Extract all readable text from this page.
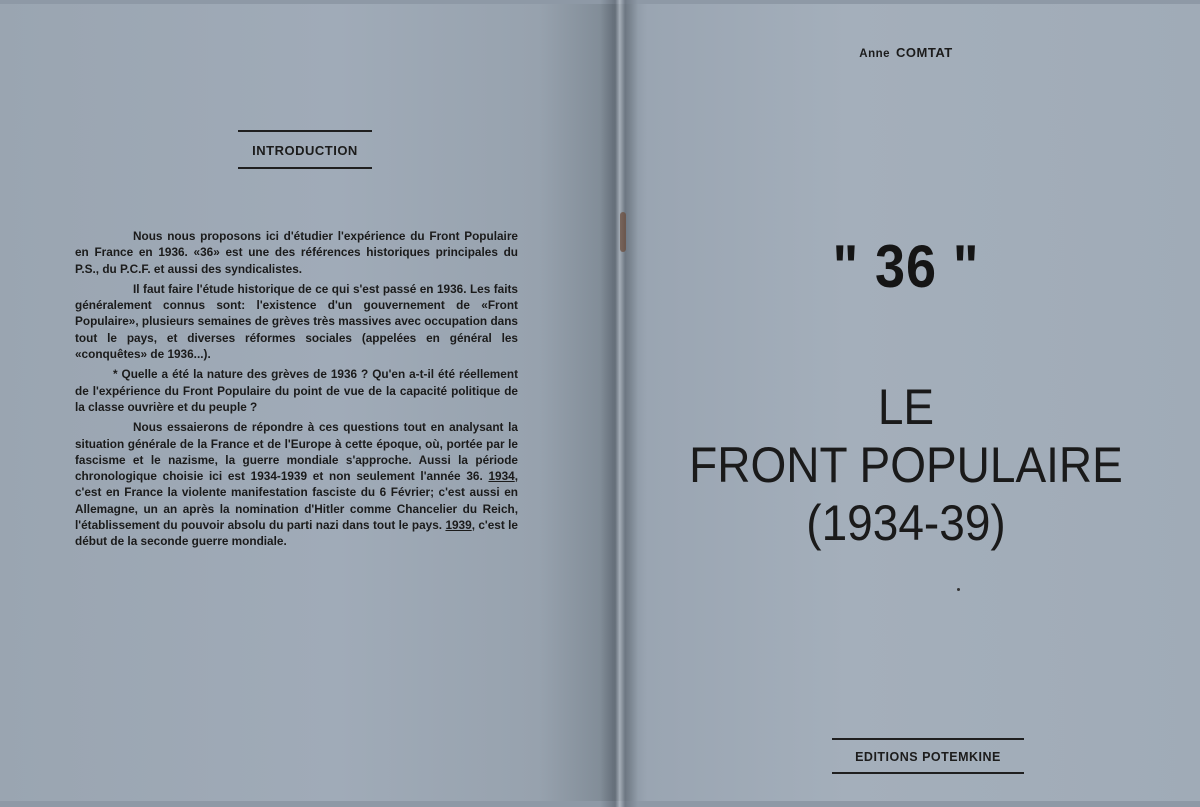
INTRODUCTION

Nous nous proposons ici d'étudier l'expérience du Front Populaire en France en 1936. «36» est une des références historiques principales du P.S., du P.C.F. et aussi des syndicalistes.

Il faut faire l'étude historique de ce qui s'est passé en 1936. Les faits généralement connus sont: l'existence d'un gouvernement de «Front Populaire», plusieurs semaines de grèves très massives avec occupation dans tout le pays, et diverses réformes sociales (appelées en général les «conquêtes» de 1936...).

* Quelle a été la nature des grèves de 1936 ? Qu'en a-t-il été réellement de l'expérience du Front Populaire du point de vue de la capacité politique de la classe ouvrière et du peuple ?

Nous essaierons de répondre à ces questions tout en analysant la situation générale de la France et de l'Europe à cette époque, où, portée par le fascisme et le nazisme, la guerre mondiale s'approche. Aussi la période chronologique choisie ici est 1934-1939 et non seulement l'année 36. 1934, c'est en France la violente manifestation fasciste du 6 Février; c'est aussi en Allemagne, un an après la nomination d'Hitler comme Chancelier du Reich, l'établissement du pouvoir absolu du parti nazi dans tout le pays. 1939, c'est le début de la seconde guerre mondiale.

Anne COMTAT
" 36 "
LE
FRONT POPULAIRE
(1934-39)
EDITIONS POTEMKINE
